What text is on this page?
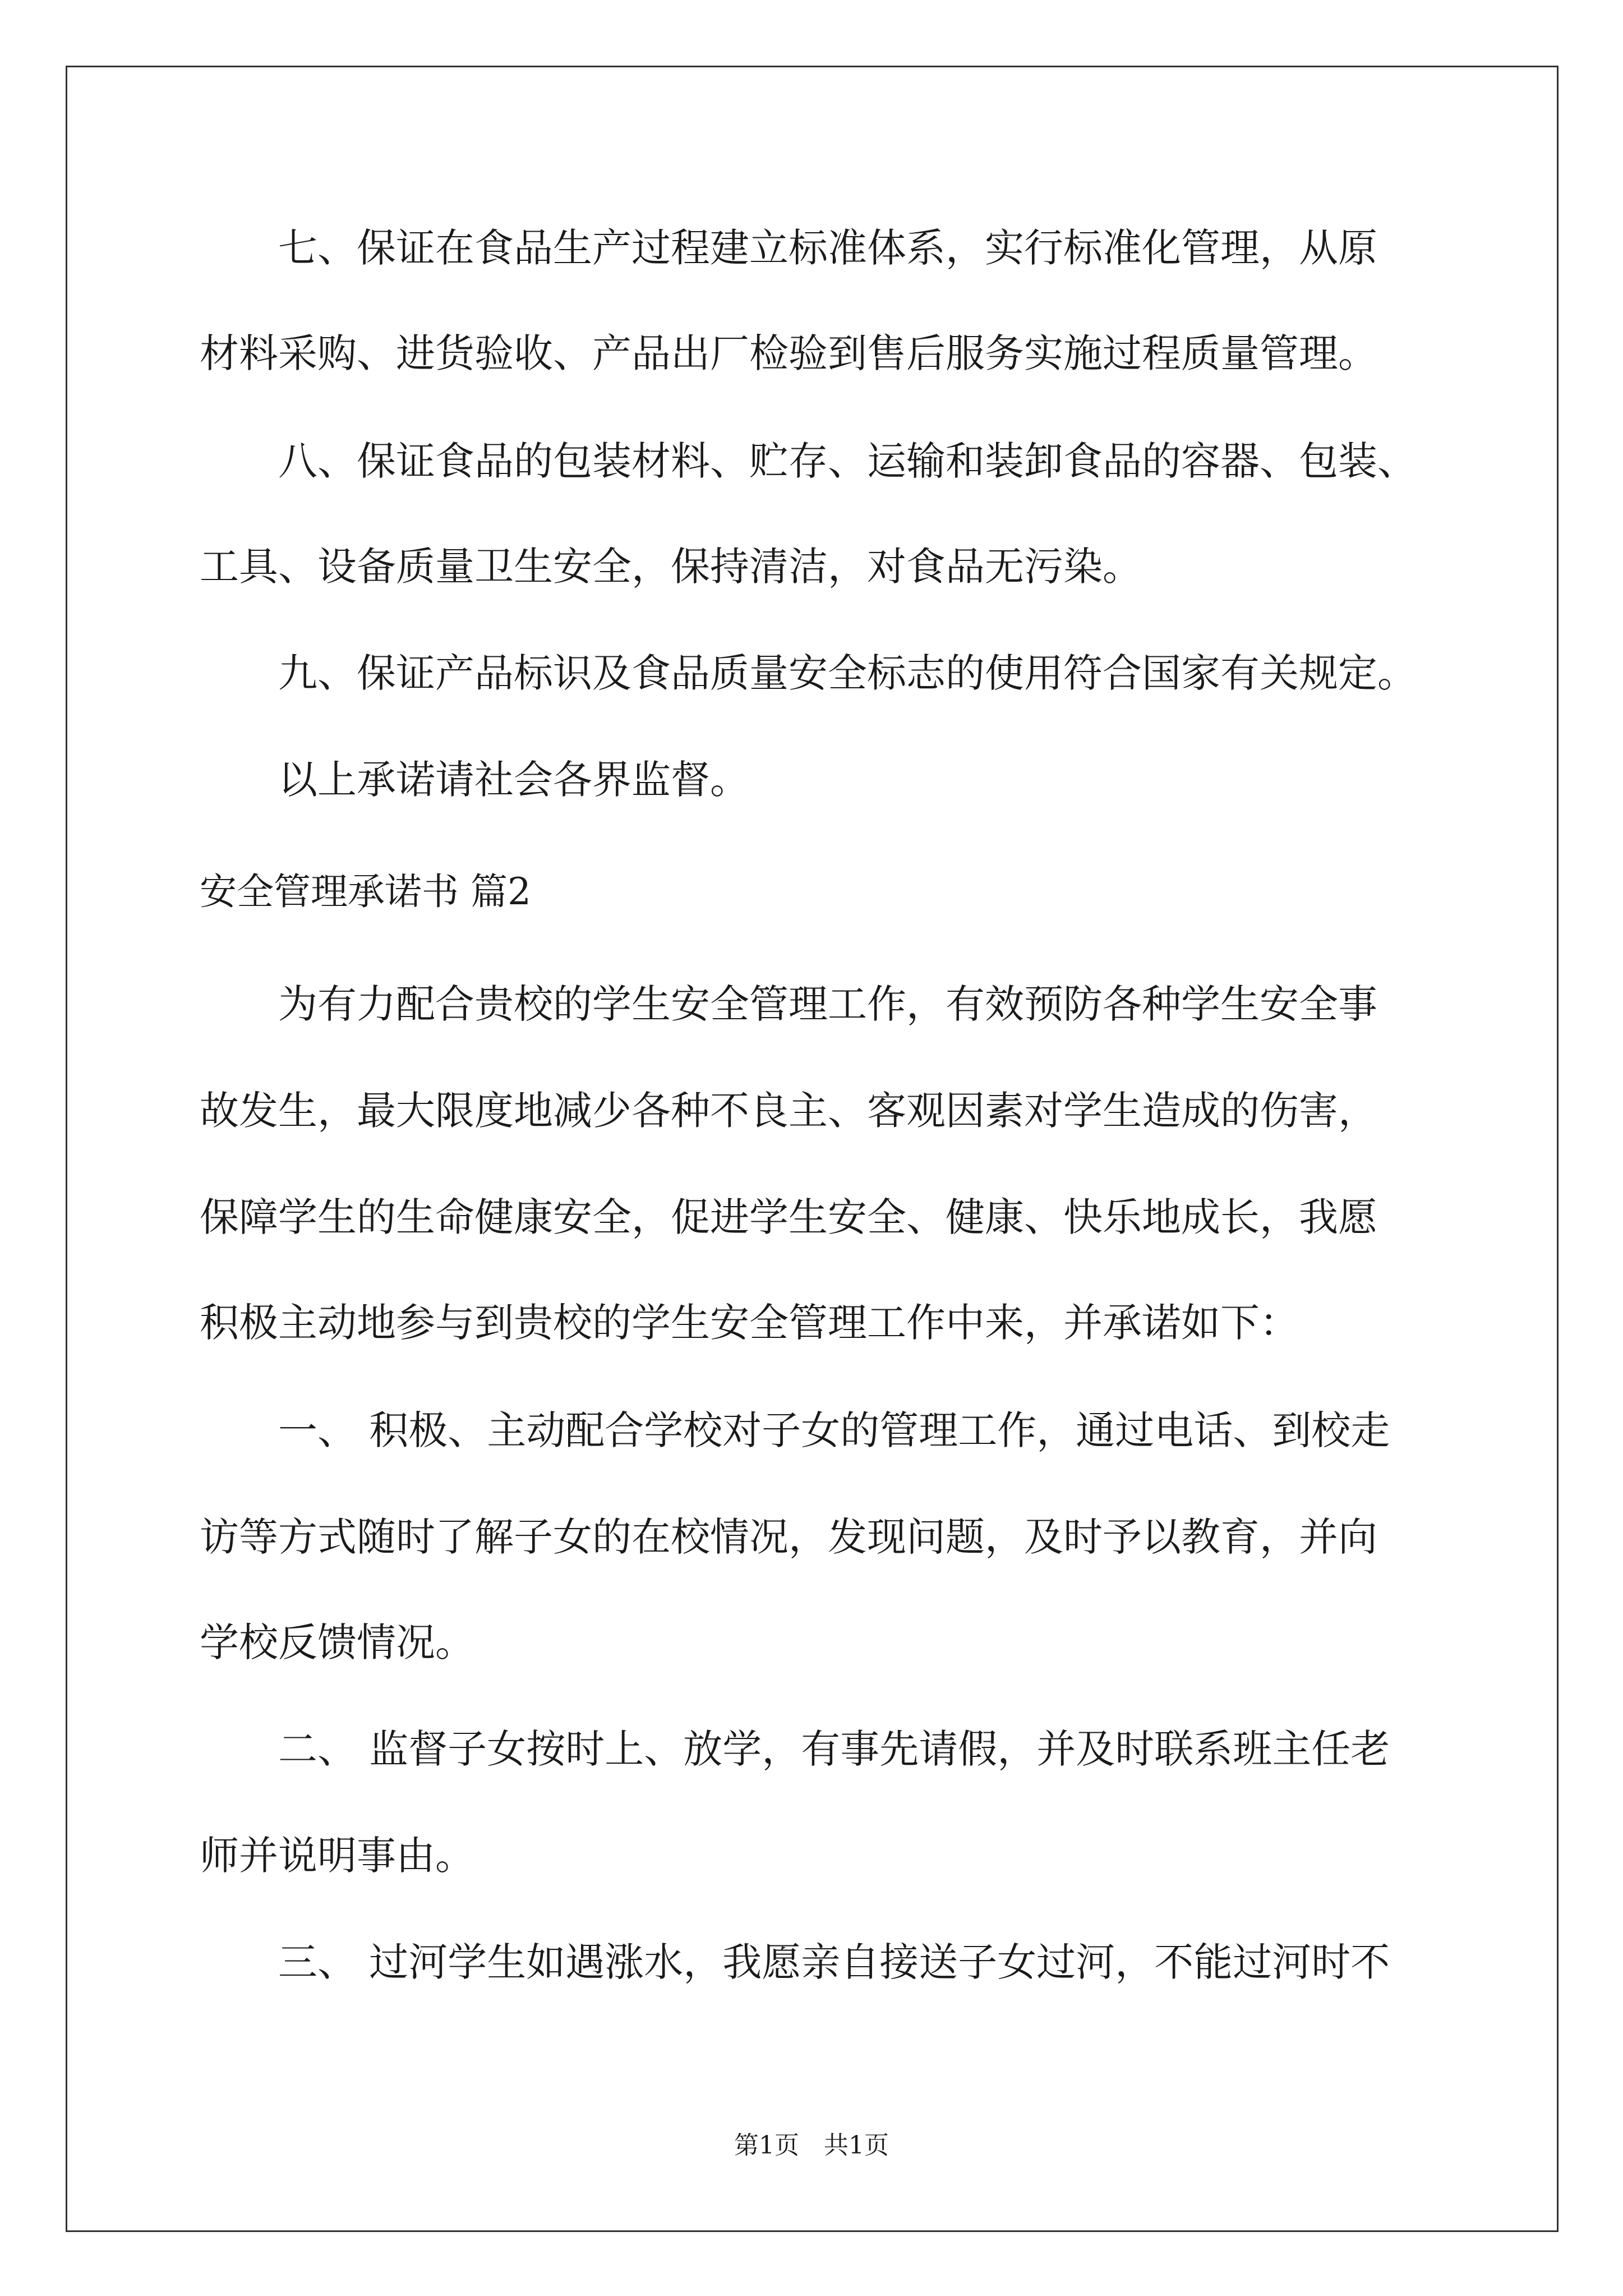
　　七、保证在食品生产过程建立标准体系，实行标准化管理，从原
材料采购、进货验收、产品出厂检验到售后服务实施过程质量管理。
　　八、保证食品的包装材料、贮存、运输和装卸食品的容器、包装、
工具、设备质量卫生安全，保持清洁，对食品无污染。
　　九、保证产品标识及食品质量安全标志的使用符合国家有关规定。
　　以上承诺请社会各界监督。
安全管理承诺书 篇2
　　为有力配合贵校的学生安全管理工作，有效预防各种学生安全事
故发生，最大限度地减少各种不良主、客观因素对学生造成的伤害，
保障学生的生命健康安全，促进学生安全、健康、快乐地成长，我愿
积极主动地参与到贵校的学生安全管理工作中来，并承诺如下：
　　一、 积极、主动配合学校对子女的管理工作，通过电话、到校走
访等方式随时了解子女的在校情况，发现问题，及时予以教育，并向
学校反馈情况。
　　二、 监督子女按时上、放学，有事先请假，并及时联系班主任老
师并说明事由。
　　三、 过河学生如遇涨水，我愿亲自接送子女过河，不能过河时不
第1页　共1页
